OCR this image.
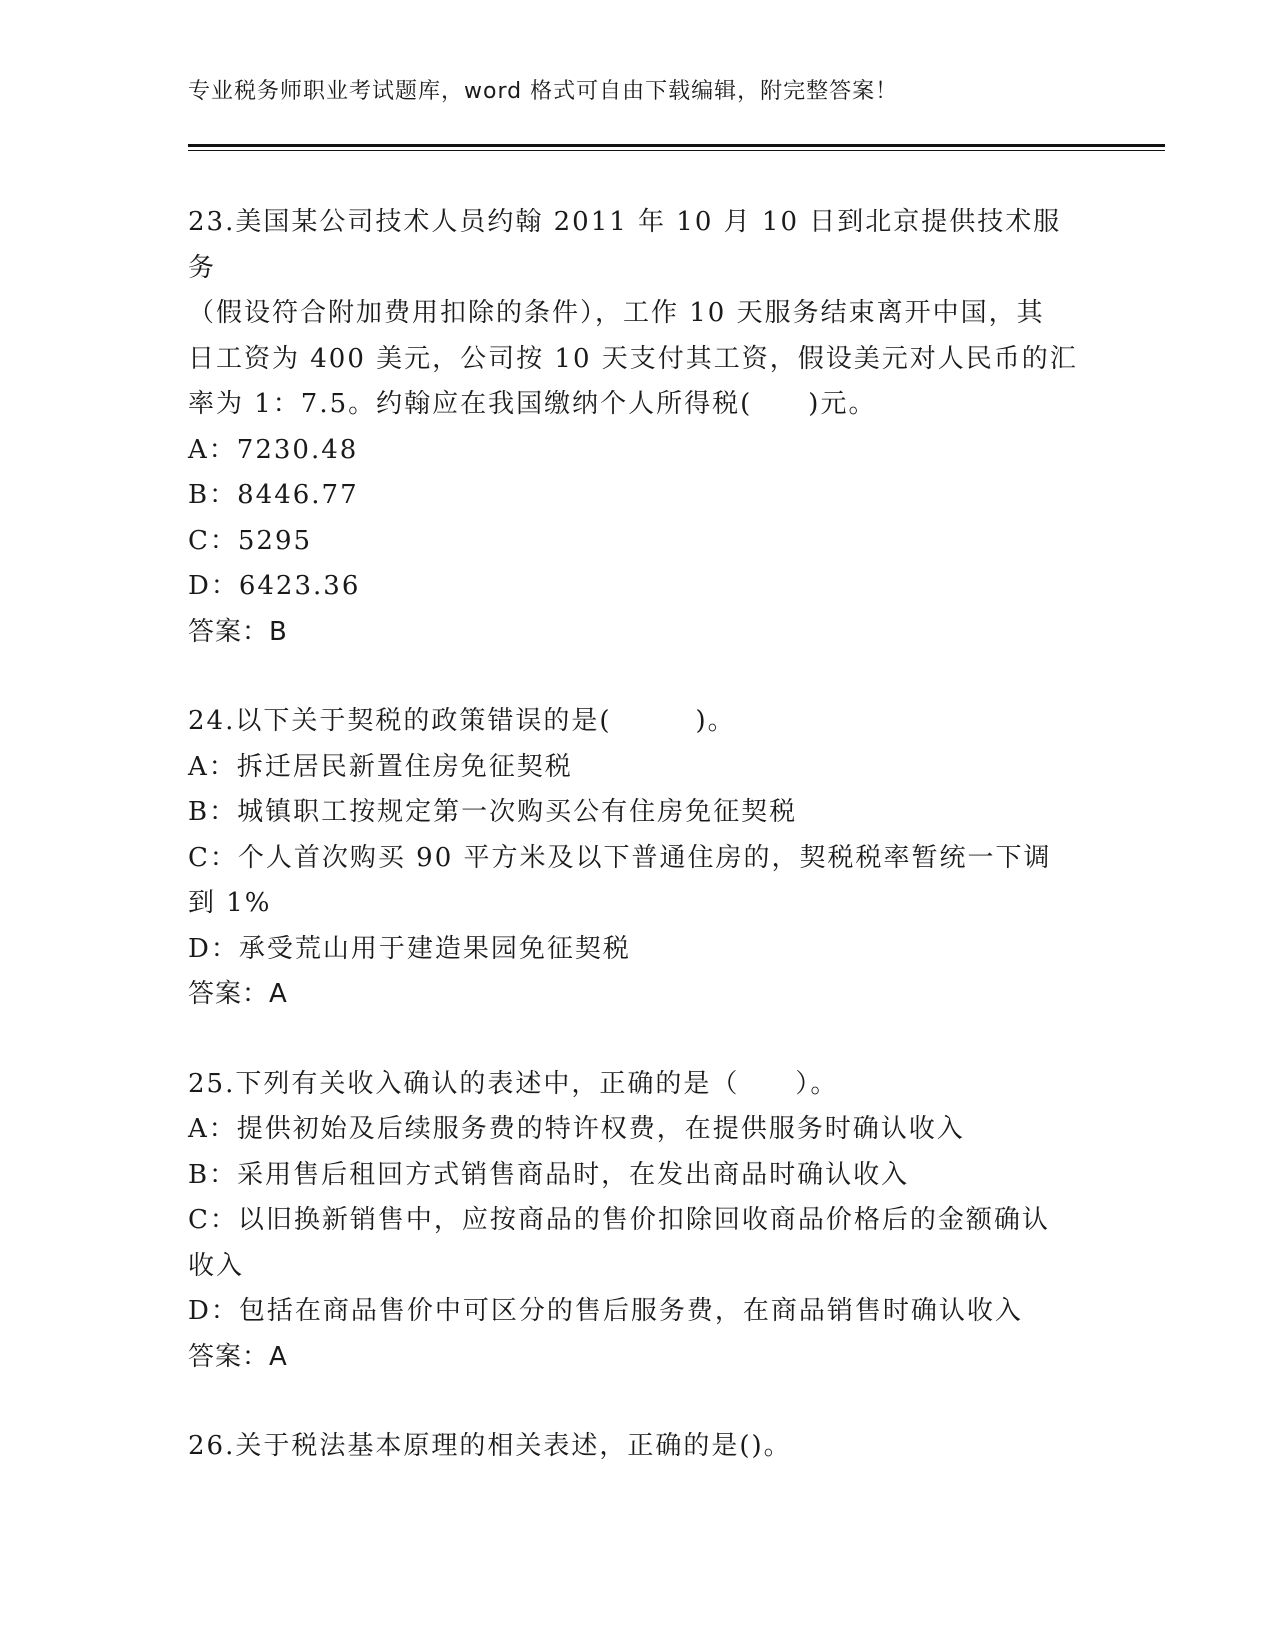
专业税务师职业考试题库，word 格式可自由下载编辑，附完整答案！
23.美国某公司技术人员约翰 2011 年 10 月 10 日到北京提供技术服务
（假设符合附加费用扣除的条件），工作 10 天服务结束离开中国，其
日工资为 400 美元，公司按 10 天支付其工资，假设美元对人民币的汇
率为 1：7.5。约翰应在我国缴纳个人所得税(　　)元。
A：7230.48
B：8446.77
C：5295
D：6423.36
答案：B
24.以下关于契税的政策错误的是(　　　)。
A：拆迁居民新置住房免征契税
B：城镇职工按规定第一次购买公有住房免征契税
C：个人首次购买 90 平方米及以下普通住房的，契税税率暂统一下调
到 1%
D：承受荒山用于建造果园免征契税
答案：A
25.下列有关收入确认的表述中，正确的是（　　）。
A：提供初始及后续服务费的特许权费，在提供服务时确认收入
B：采用售后租回方式销售商品时，在发出商品时确认收入
C：以旧换新销售中，应按商品的售价扣除回收商品价格后的金额确认
收入
D：包括在商品售价中可区分的售后服务费，在商品销售时确认收入
答案：A
26.关于税法基本原理的相关表述，正确的是()。
